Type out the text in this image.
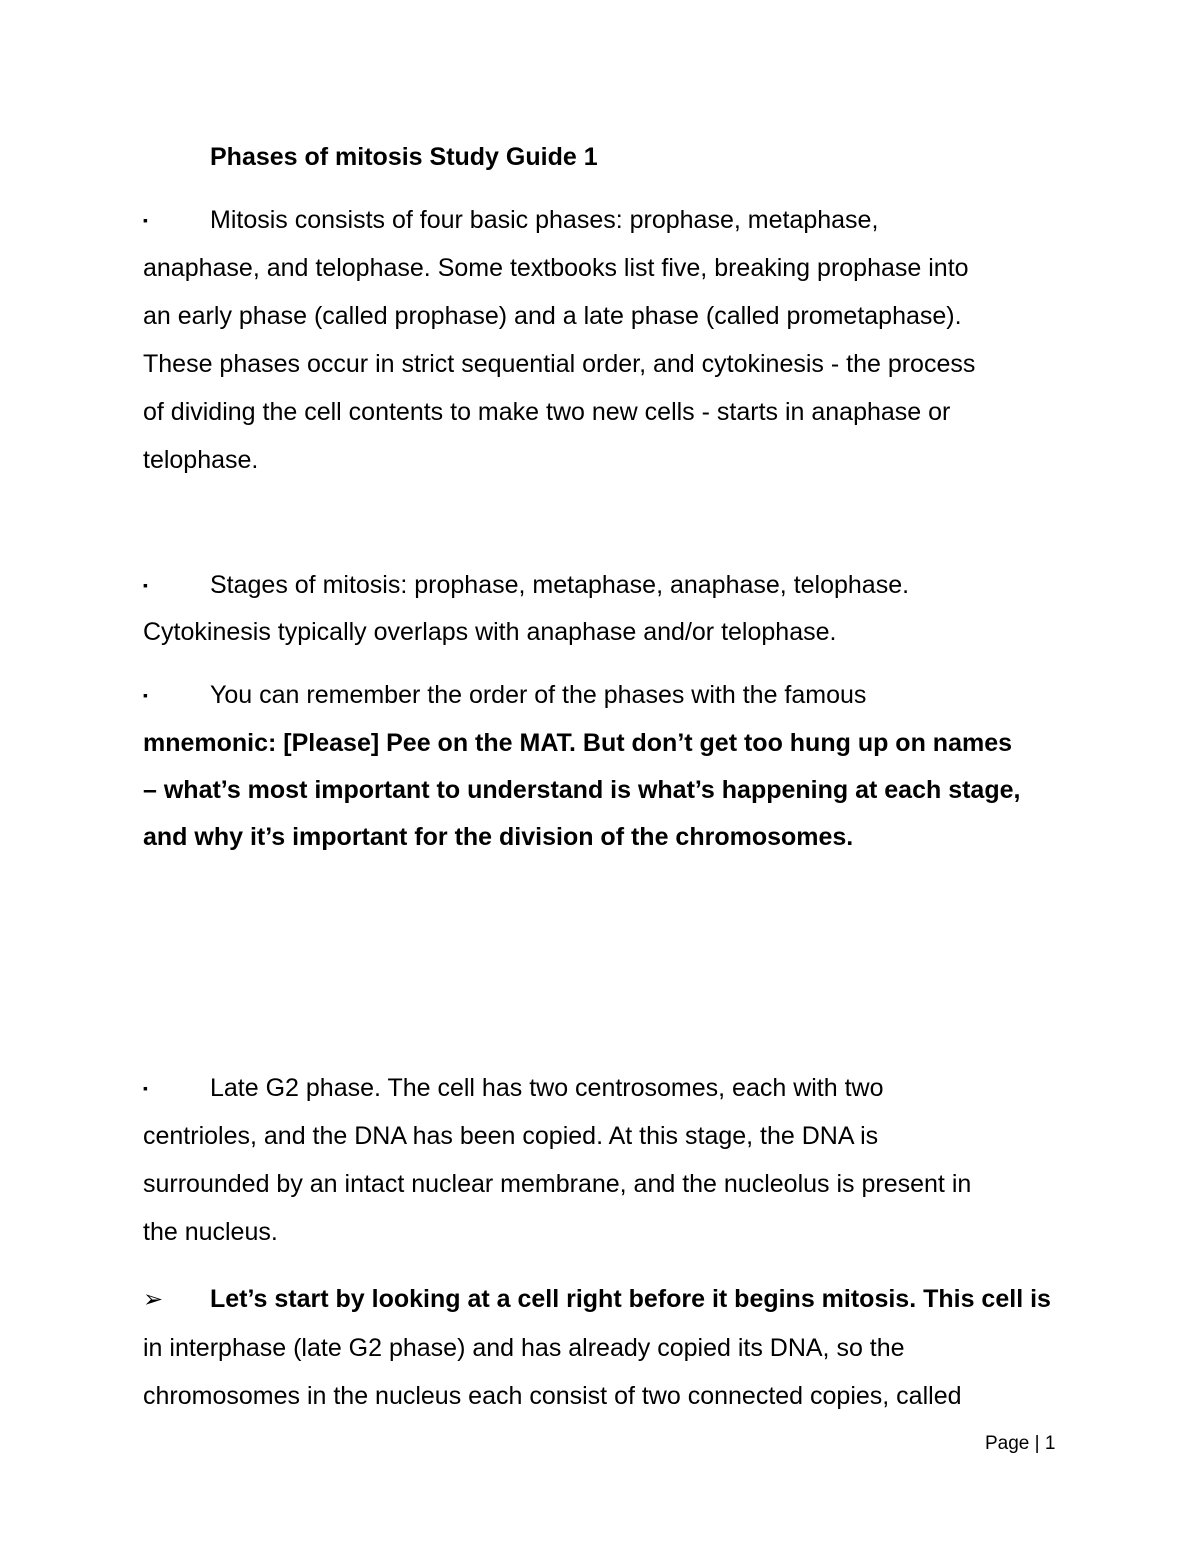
Phases of mitosis Study Guide 1
▪ Mitosis consists of four basic phases: prophase, metaphase,
anaphase, and telophase. Some textbooks list five, breaking prophase into
an early phase (called prophase) and a late phase (called prometaphase).
These phases occur in strict sequential order, and cytokinesis - the process
of dividing the cell contents to make two new cells - starts in anaphase or
telophase.
▪ Stages of mitosis: prophase, metaphase, anaphase, telophase.
Cytokinesis typically overlaps with anaphase and/or telophase.
▪ You can remember the order of the phases with the famous
mnemonic: [Please] Pee on the MAT. But don’t get too hung up on names
– what’s most important to understand is what’s happening at each stage,
and why it’s important for the division of the chromosomes.
▪ Late G2 phase. The cell has two centrosomes, each with two
centrioles, and the DNA has been copied. At this stage, the DNA is
surrounded by an intact nuclear membrane, and the nucleolus is present in
the nucleus.
➢ Let’s start by looking at a cell right before it begins mitosis. This cell is
in interphase (late G2 phase) and has already copied its DNA, so the
chromosomes in the nucleus each consist of two connected copies, called
Page | 1
